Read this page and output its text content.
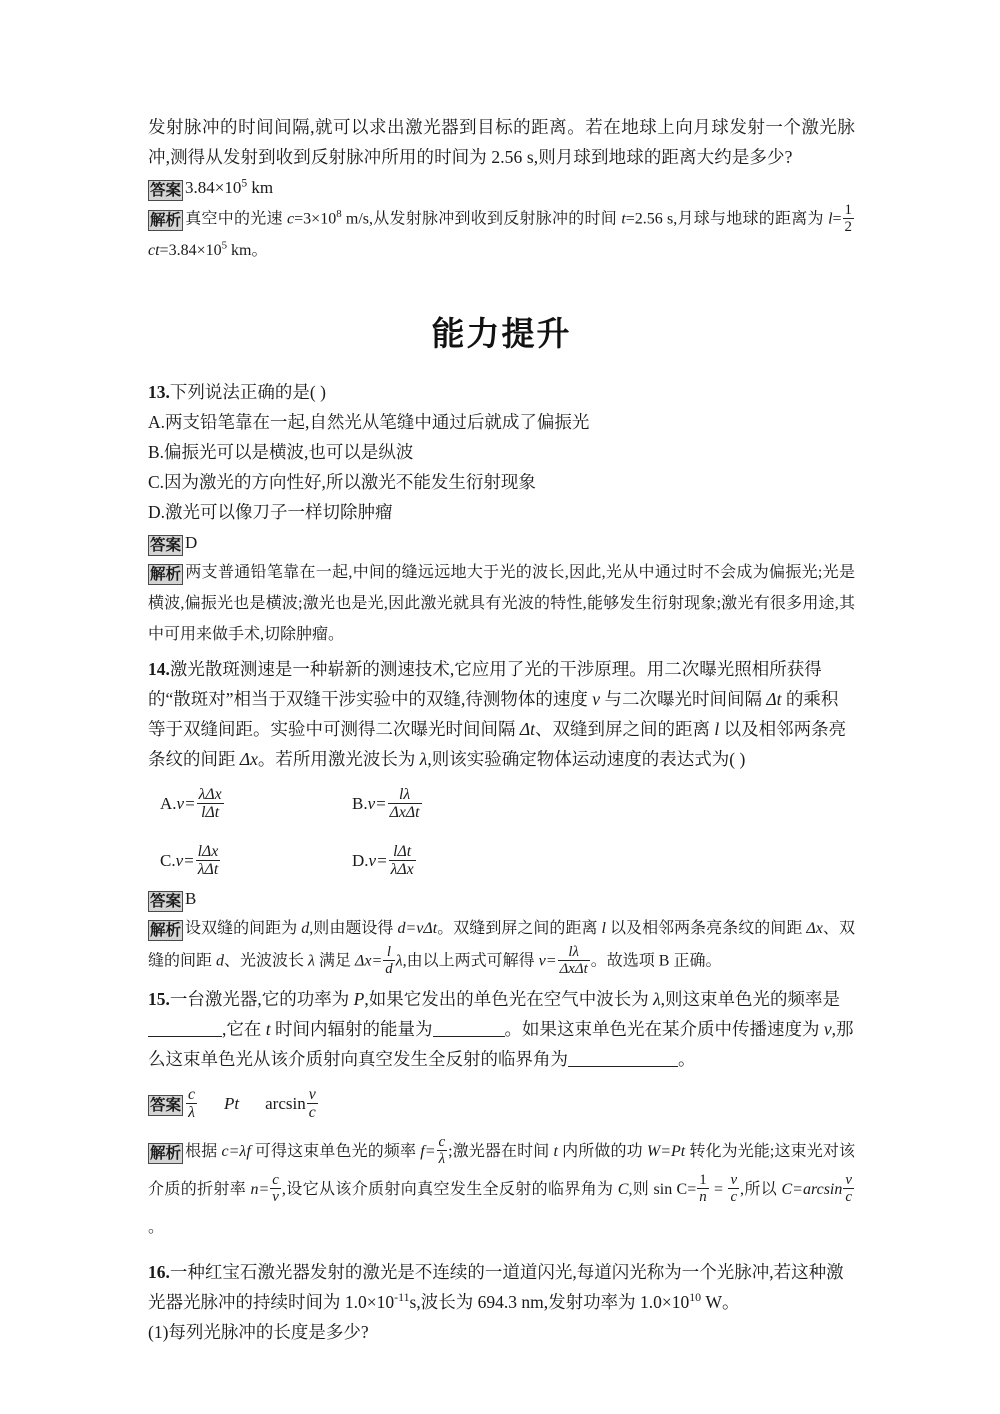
发射脉冲的时间间隔,就可以求出激光器到目标的距离。若在地球上向月球发射一个激光脉冲,测得从发射到收到反射脉冲所用的时间为 2.56 s,则月球到地球的距离大约是多少?
答案 $3.84\times 10^5$ km
解析 真空中的光速 $c=3\times 10^8$ m/s,从发射脉冲到收到反射脉冲的时间 t=2.56 s,月球与地球的距离为 $l= \frac{1}{2}$
$ct=3.84\times 10^5$ km。
能力提升
13.下列说法正确的是( )
A.两支铅笔靠在一起,自然光从笔缝中通过后就成了偏振光
B.偏振光可以是横波,也可以是纵波
C.因为激光的方向性好,所以激光不能发生衍射现象
D.激光可以像刀子一样切除肿瘤
答案 D
解析 两支普通铅笔靠在一起,中间的缝远远地大于光的波长,因此,光从中通过时不会成为偏振光;光是横波,偏振光也是横波;激光也是光,因此激光就具有光波的特性,能够发生衍射现象;激光有很多用途,其中可用来做手术,切除肿瘤。
14.激光散斑测速是一种崭新的测速技术,它应用了光的干涉原理。用二次曝光照相所获得的“散斑对”相当于双缝干涉实验中的双缝,待测物体的速度 v 与二次曝光时间间隔 Δt 的乘积等于双缝间距。实验中可测得二次曝光时间间隔 Δt、双缝到屏之间的距离 l 以及相邻两条亮条纹的间距 Δx。若所用激光波长为 λ,则该实验确定物体运动速度的表达式为( )
$A.v= \frac{\text{λΔx}}{\text{lΔt}}$	$B.v= \frac{l\lambda}{\text{ΔxΔt}}$
$C.v= \frac{\text{lΔx}}{\text{λΔt}}$	$D.v= \frac{\text{lΔt}}{\text{λΔx}}$
答案 B
解析 设双缝的间距为 d,则由题设得 d=vΔt。双缝到屏之间的距离 l 以及相邻两条亮条纹的间距 Δx、双缝的间距 d、光波波长 λ 满足 $\Delta x= \frac{l}{d} \lambda$,由以上两式可解得 $v= \frac{l\lambda}{\text{ΔxΔt}}$ 。故选项 B 正确。
15.一台激光器,它的功率为 P,如果它发出的单色光在空气中波长为 λ,则这束单色光的频率是,它在 t 时间内辐射的能量为	。如果这束单色光在某介质中传播速度为 v,那么这束单色光从该介质射向真空发生全反射的临界角为	。
答案 $\frac{c}{\lambda}$ Pt $\arcsin \frac{v}{c}$
解析 根据 c=λf 可得这束单色光的频率 $f= \frac{c}{\lambda}$ ;激光器在时间 t 内所做的功 W=Pt 转化为光能;这束光对该介质的折射率 $n= \frac{c}{v}$ ,设它从该介质射向真空发生全反射的临界角为 C,则 $\sin C= \frac{1}{n} = \frac{v}{c}$ ,所以 $C=\arcsin \frac{v}{c}$
。
16.一种红宝石激光器发射的激光是不连续的一道道闪光,每道闪光称为一个光脉冲,若这种激光器光脉冲的持续时间为 $1.0\times 10^{-11}s$,波长为 694.3 nm,发射功率为 $1.0\times 10^{10}$ W。
(1)每列光脉冲的长度是多少?
